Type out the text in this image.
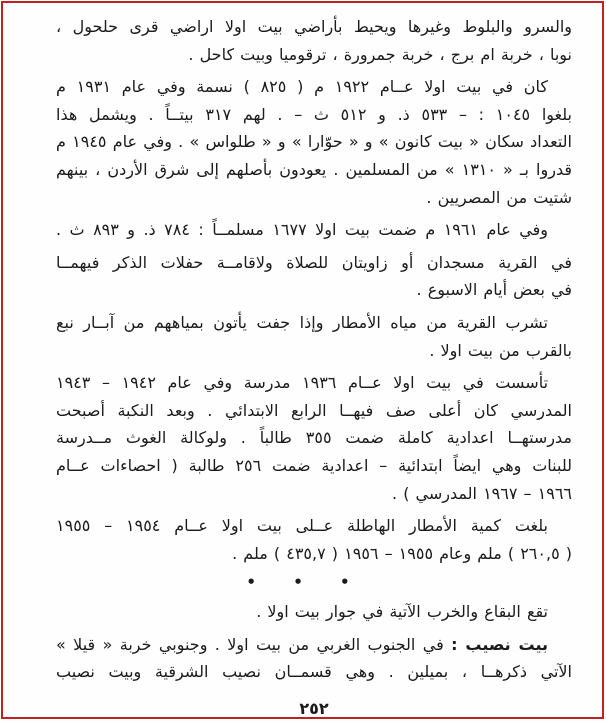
والسرو والبلوط وغيرها ويحيط بأراضي بيت اولا اراضي قرى حلحول ،
نوبا ، خربة ام برج ، خربة جمرورة ، ترقوميا وبيت كاحل .
كان في بيت اولا عــام ١٩٢٢ م ( ٨٢٥ ) نسمة وفي عام ١٩٣١ م
بلغوا ١٠٤٥ : – ٥٣٣ ذ. و ٥١٢ ث – . لهم ٣١٧ بيتــاً . ويشمل هذا
التعداد سكان « بيت كانون » و « حوّارا » و « طلواس » . وفي عام ١٩٤٥ م
قدروا بـ « ١٣١٠ » من المسلمين . يعودون بأصلهم إلى شرق الأردن ، بينهم
شتيت من المصريين .
وفي عام ١٩٦١ م ضمت بيت اولا ١٦٧٧ مسلمــاً : ٧٨٤ ذ. و ٨٩٣ ث .
في القرية مسجدان أو زاويتان للصلاة ولاقامــة حفلات الذكر فيهمــا
في بعض أيام الاسبوع .
تشرب القرية من مياه الأمطار وإذا جفت يأتون بمياههم من آبــار نبع
بالقرب من بيت اولا .
تأسست في بيت اولا عــام ١٩٣٦ مدرسة وفي عام ١٩٤٢ – ١٩٤٣
المدرسي كان أعلى صف فيهــا الرابع الابتدائي . وبعد النكبة أصبحت
مدرستهــا اعدادية كاملة ضمت ٣٥٥ طالباً . ولوكالة الغوث مــدرسة
للبنات وهي ايضاً ابتدائية – اعدادية ضمت ٢٥٦ طالبة ( احصاءات عــام
١٩٦٦ – ١٩٦٧ المدرسي ) .
بلغت كمية الأمطار الهاطلة عــلى بيت اولا عــام ١٩٥٤ – ١٩٥٥
( ٢٦٠,٥ ) ملم وعام ١٩٥٥ – ١٩٥٦ ( ٤٣٥,٧ ) ملم .
• • •
تقع البقاع والخرب الآتية في جوار بيت اولا .
بيت نصيب : في الجنوب الغربي من بيت اولا . وجنوبي خربة « قيلا »
الآتي ذكرهــا ، بميلين . وهي قسمــان نصيب الشرقية وبيت نصيب
٢٥٢
